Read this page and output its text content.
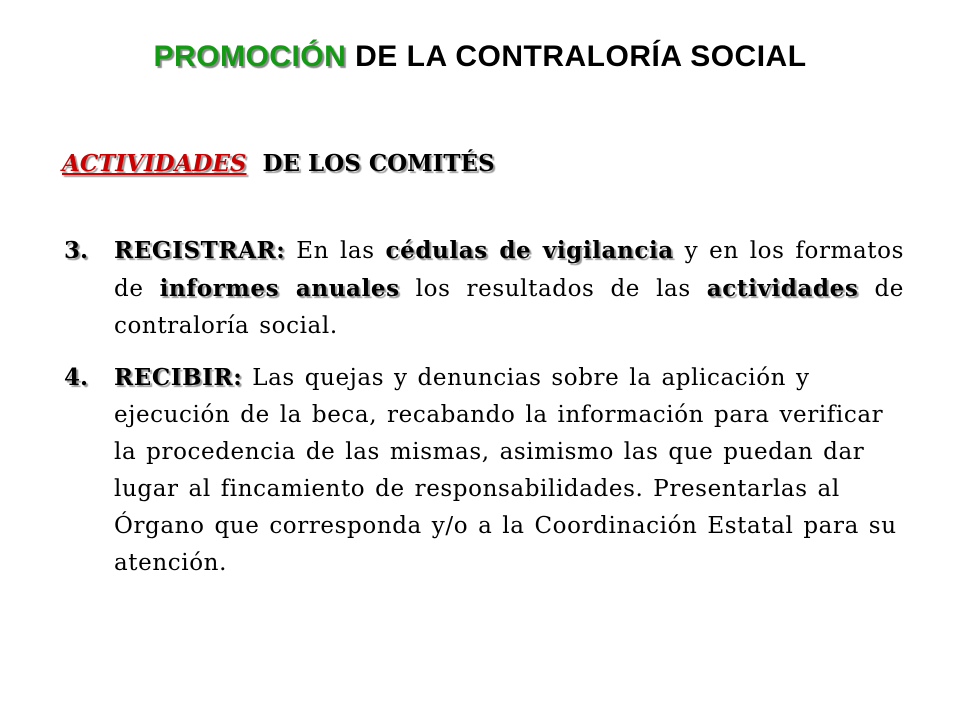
PROMOCIÓN DE LA CONTRALORÍA SOCIAL
ACTIVIDADES DE LOS COMITÉS
3.	REGISTRAR: En las cédulas de vigilancia y en los formatos de informes anuales los resultados de las actividades de contraloría social.
4.	RECIBIR: Las quejas y denuncias sobre la aplicación y ejecución de la beca, recabando la información para verificar la procedencia de las mismas, asimismo las que puedan dar lugar al fincamiento de responsabilidades. Presentarlas al Órgano que corresponda y/o a la Coordinación Estatal para su atención.
